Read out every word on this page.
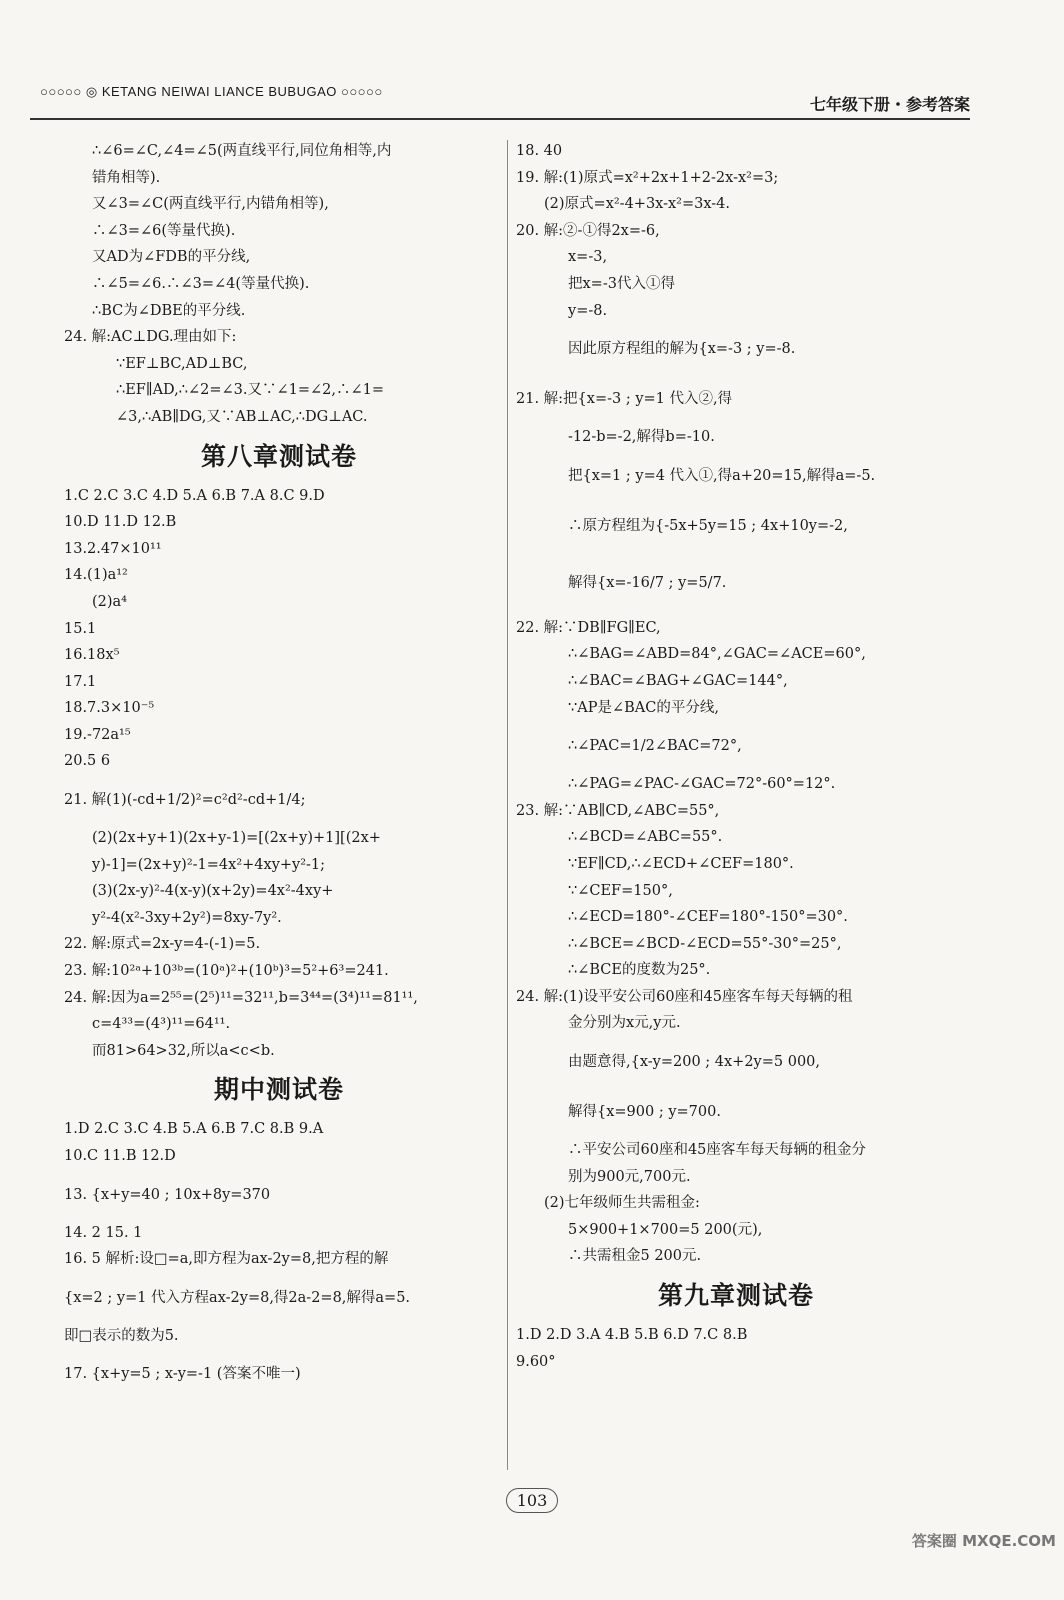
○○○○○ ◎ KETANG NEIWAI LIANCE BUBUGAO ○○○○○
七年级下册・参考答案
∴∠6=∠C,∠4=∠5(两直线平行,同位角相等,内
错角相等).
又∠3=∠C(两直线平行,内错角相等),
∴∠3=∠6(等量代换).
又AD为∠FDB的平分线,
∴∠5=∠6.∴∠3=∠4(等量代换).
∴BC为∠DBE的平分线.
24. 解:AC⊥DG.理由如下:
∵EF⊥BC,AD⊥BC,
∴EF∥AD,∴∠2=∠3.又∵∠1=∠2,∴∠1=
∠3,∴AB∥DG,又∵AB⊥AC,∴DG⊥AC.
第八章测试卷
1.C 2.C 3.C 4.D 5.A 6.B 7.A 8.C 9.D
10.D 11.D 12.B
13.2.47×10¹¹
14.(1)a¹²
(2)a⁴
15.1
16.18x⁵
17.1
18.7.3×10⁻⁵
19.-72a¹⁵
20.5 6
21. 解(1)(-cd+1/2)²=c²d²-cd+1/4;
(2)(2x+y+1)(2x+y-1)=[(2x+y)+1][(2x+
y)-1]=(2x+y)²-1=4x²+4xy+y²-1;
(3)(2x-y)²-4(x-y)(x+2y)=4x²-4xy+
y²-4(x²-3xy+2y²)=8xy-7y².
22. 解:原式=2x-y=4-(-1)=5.
23. 解:10²ᵃ+10³ᵇ=(10ᵃ)²+(10ᵇ)³=5²+6³=241.
24. 解:因为a=2⁵⁵=(2⁵)¹¹=32¹¹,b=3⁴⁴=(3⁴)¹¹=81¹¹,
c=4³³=(4³)¹¹=64¹¹.
而81>64>32,所以a<c<b.
期中测试卷
1.D 2.C 3.C 4.B 5.A 6.B 7.C 8.B 9.A
10.C 11.B 12.D
13. {x+y=40 ; 10x+8y=370
14. 2 15. 1
16. 5 解析:设□=a,即方程为ax-2y=8,把方程的解
{x=2 ; y=1 代入方程ax-2y=8,得2a-2=8,解得a=5.
即□表示的数为5.
17. {x+y=5 ; x-y=-1 (答案不唯一)
18. 40
19. 解:(1)原式=x²+2x+1+2-2x-x²=3;
(2)原式=x²-4+3x-x²=3x-4.
20. 解:②-①得2x=-6,
x=-3,
把x=-3代入①得
y=-8.
因此原方程组的解为{x=-3 ; y=-8.
21. 解:把{x=-3 ; y=1 代入②,得
-12-b=-2,解得b=-10.
把{x=1 ; y=4 代入①,得a+20=15,解得a=-5.
∴原方程组为{-5x+5y=15 ; 4x+10y=-2,
解得{x=-16/7 ; y=5/7.
22. 解:∵DB∥FG∥EC,
∴∠BAG=∠ABD=84°,∠GAC=∠ACE=60°,
∴∠BAC=∠BAG+∠GAC=144°,
∵AP是∠BAC的平分线,
∴∠PAC=1/2∠BAC=72°,
∴∠PAG=∠PAC-∠GAC=72°-60°=12°.
23. 解:∵AB∥CD,∠ABC=55°,
∴∠BCD=∠ABC=55°.
∵EF∥CD,∴∠ECD+∠CEF=180°.
∵∠CEF=150°,
∴∠ECD=180°-∠CEF=180°-150°=30°.
∴∠BCE=∠BCD-∠ECD=55°-30°=25°,
∴∠BCE的度数为25°.
24. 解:(1)设平安公司60座和45座客车每天每辆的租
金分别为x元,y元.
由题意得,{x-y=200 ; 4x+2y=5 000,
解得{x=900 ; y=700.
∴平安公司60座和45座客车每天每辆的租金分
别为900元,700元.
(2)七年级师生共需租金:
5×900+1×700=5 200(元),
∴共需租金5 200元.
第九章测试卷
1.D 2.D 3.A 4.B 5.B 6.D 7.C 8.B
9.60°
103
答案圈 MXQE.COM
